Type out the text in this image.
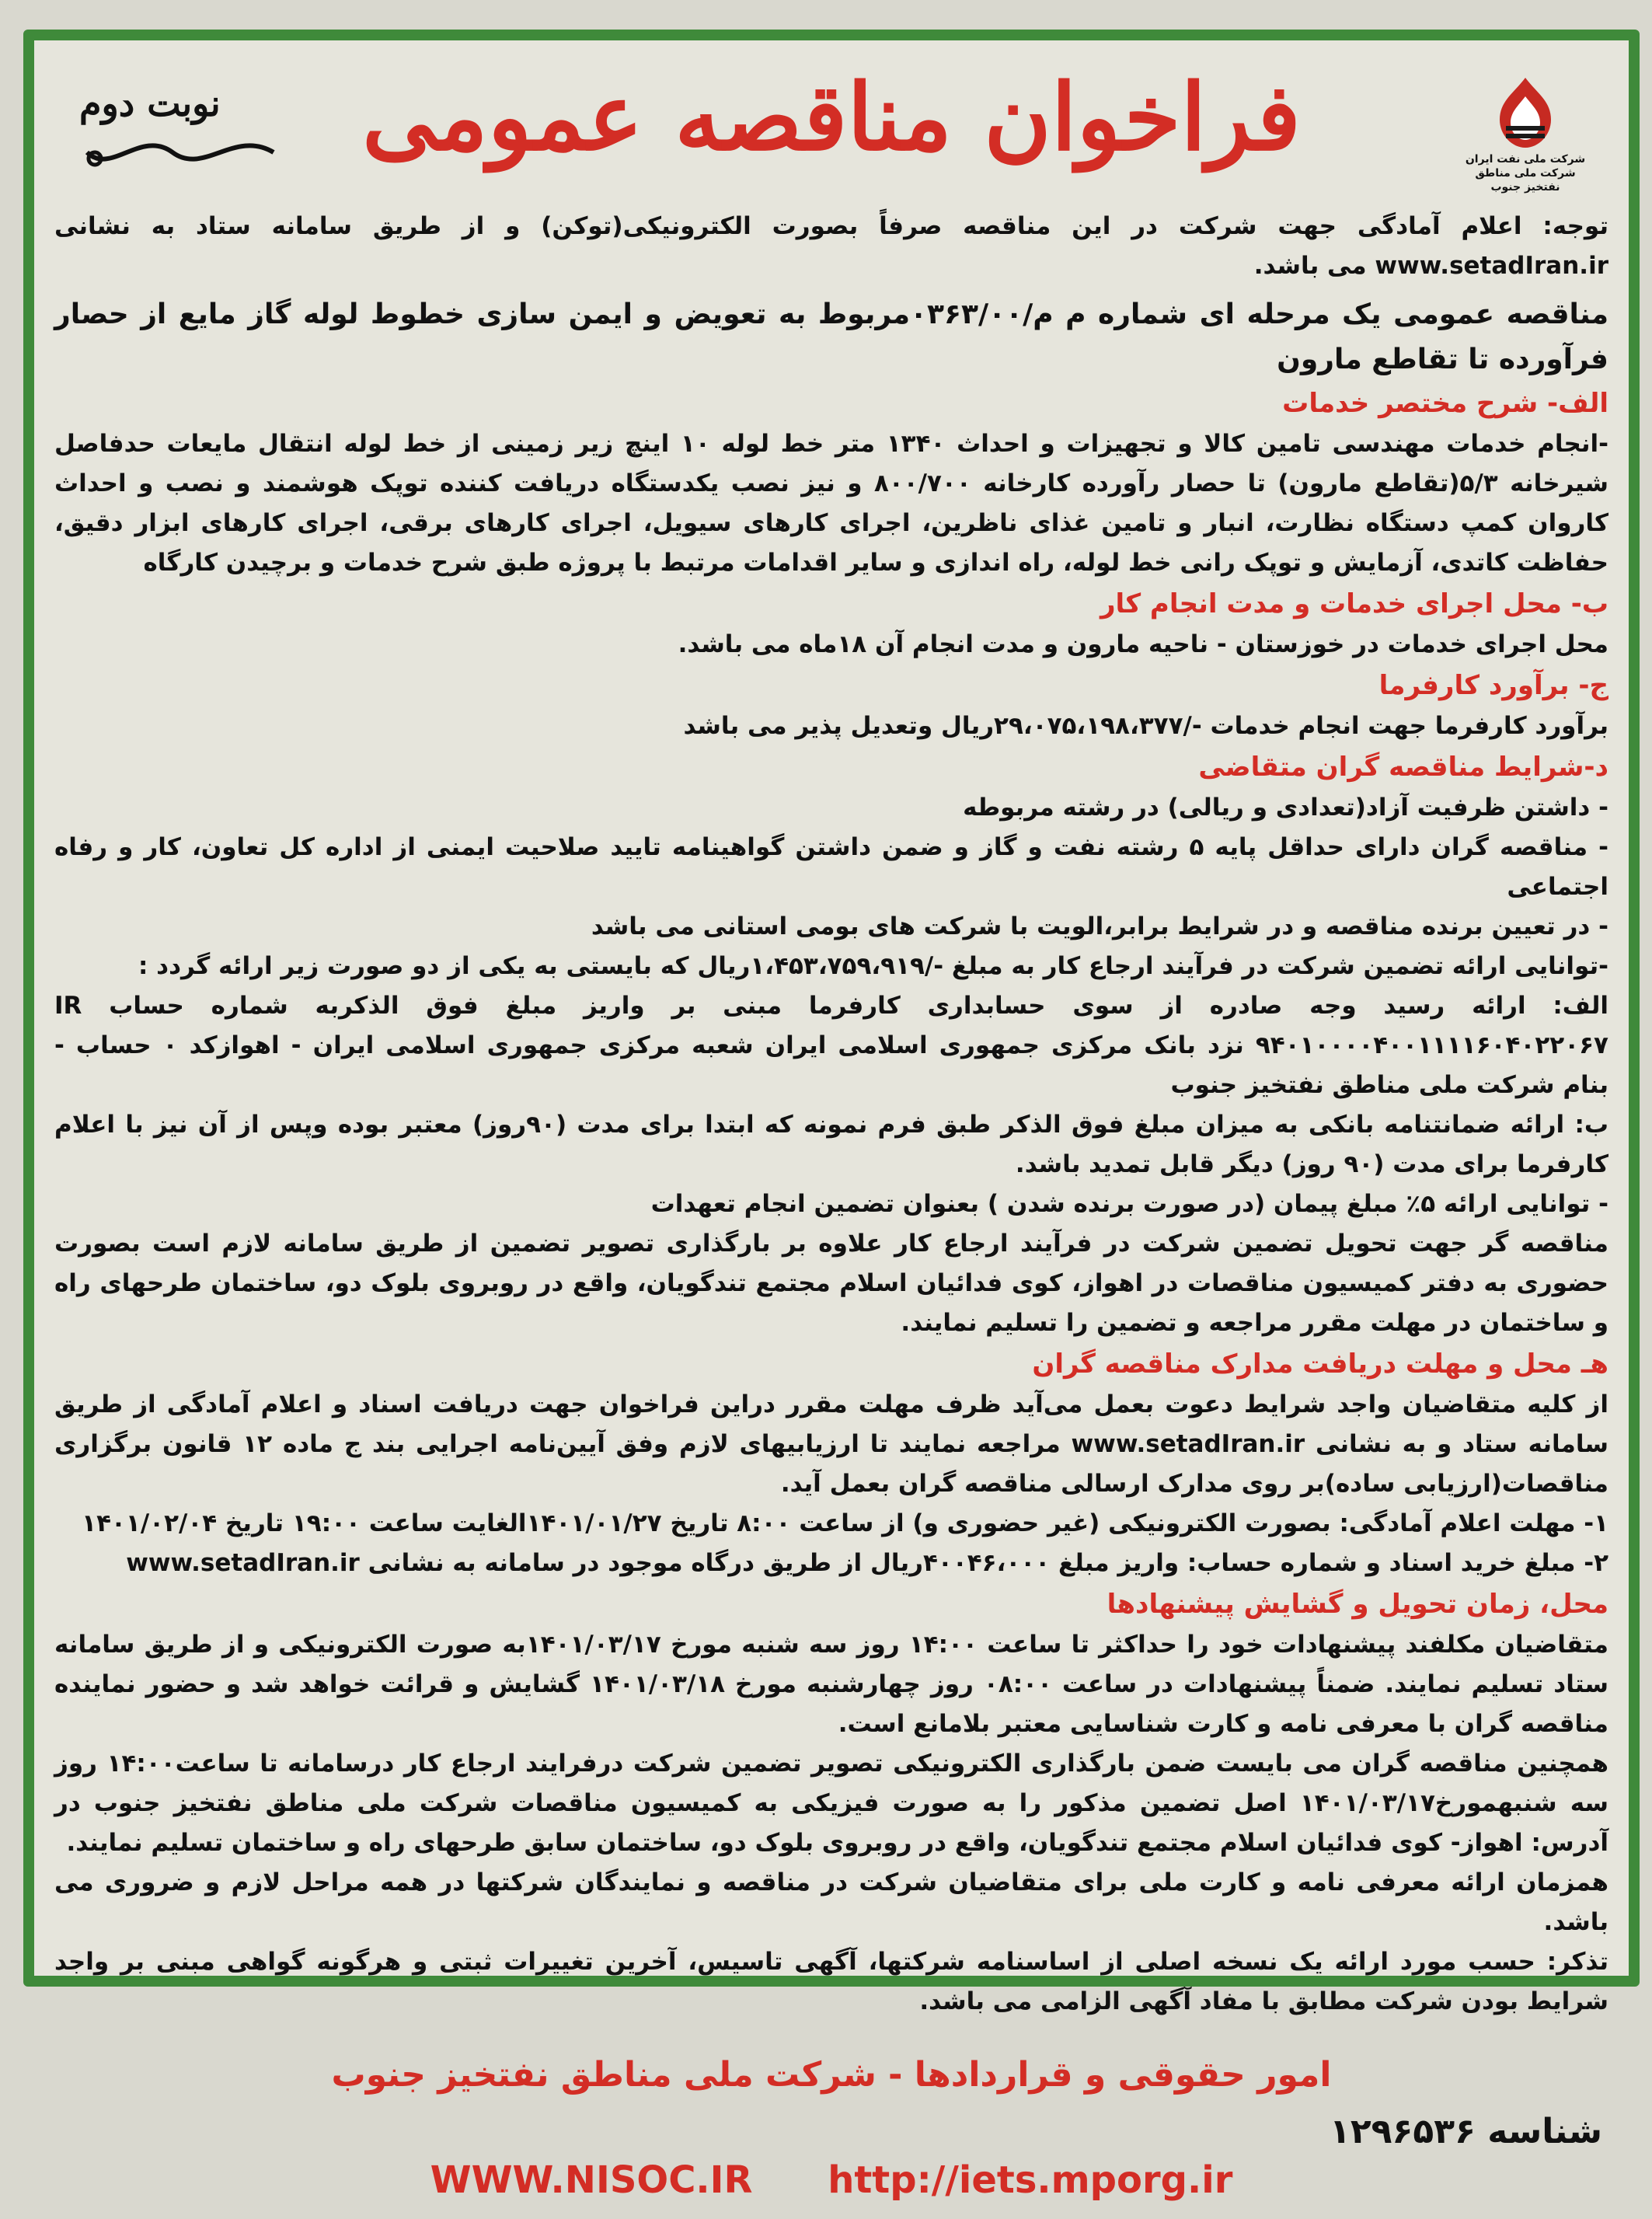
شرکت ملی نفت ایران
شرکت ملی مناطق نفتخیز جنوب
فراخوان مناقصه عمومی
نوبت دوم
توجه: اعلام آمادگی جهت شرکت در این مناقصه صرفاً بصورت الکترونیکی(توکن) و از طریق سامانه ستاد به نشانی www.setadIran.ir می باشد.
مناقصه عمومی یک مرحله ای شماره م م/۰۳۶۳/۰۰مربوط به تعویض و ایمن سازی خطوط لوله گاز مایع از حصار فرآورده تا تقاطع مارون
الف- شرح مختصر خدمات
-انجام خدمات مهندسی تامین کالا و تجهیزات و احداث ۱۳۴۰ متر خط لوله ۱۰ اینچ زیر زمینی از خط لوله انتقال مایعات حدفاصل شیرخانه ۵/۳(تقاطع مارون) تا حصار رآورده کارخانه ۸۰۰/۷۰۰ و نیز نصب یکدستگاه دریافت کننده توپک هوشمند و نصب و احداث کاروان کمپ دستگاه نظارت، انبار و تامین غذای ناظرین، اجرای کارهای سیویل، اجرای کارهای برقی، اجرای کارهای ابزار دقیق، حفاظت کاتدی، آزمایش و توپک رانی خط لوله، راه اندازی و سایر اقدامات مرتبط با پروژه طبق شرح خدمات و برچیدن کارگاه
ب- محل اجرای خدمات و مدت انجام کار
محل اجرای خدمات در خوزستان - ناحیه مارون و مدت انجام آن ۱۸ماه می باشد.
ج- برآورد کارفرما
برآورد کارفرما جهت انجام خدمات -/۲۹،۰۷۵،۱۹۸،۳۷۷ریال وتعدیل پذیر می باشد
د-شرایط مناقصه گران متقاضی
- داشتن ظرفیت آزاد(تعدادی و ریالی) در رشته مربوطه
- مناقصه گران دارای حداقل پایه ۵ رشته نفت و گاز و ضمن داشتن گواهینامه تایید صلاحیت ایمنی از اداره کل تعاون، کار و رفاه اجتماعی
- در تعیین برنده مناقصه و در شرایط برابر،الویت با شرکت های بومی استانی می باشد
-توانایی ارائه تضمین شرکت در فرآیند ارجاع کار به مبلغ -/۱،۴۵۳،۷۵۹،۹۱۹ریال که بایستی به یکی از دو صورت زیر ارائه گردد :
الف: ارائه رسید وجه صادره از سوی حسابداری کارفرما مبنی بر واریز مبلغ فوق الذکربه شماره حساب IR ۹۴۰۱۰۰۰۰۴۰۰۱۱۱۱۶۰۴۰۲۲۰۶۷ نزد بانک مرکزی جمهوری اسلامی ایران شعبه مرکزی جمهوری اسلامی ایران - اهوازکد ۰ حساب - بنام شرکت ملی مناطق نفتخیز جنوب
ب: ارائه ضمانتنامه بانکی به میزان مبلغ فوق الذکر طبق فرم نمونه که ابتدا برای مدت (۹۰روز) معتبر بوده وپس از آن نیز با اعلام کارفرما برای مدت (۹۰ روز) دیگر قابل تمدید باشد.
- توانایی ارائه ۵٪ مبلغ پیمان (در صورت برنده شدن ) بعنوان تضمین انجام تعهدات
مناقصه گر جهت تحویل تضمین شرکت در فرآیند ارجاع کار علاوه بر بارگذاری تصویر تضمین از طریق سامانه لازم است بصورت حضوری به دفتر کمیسیون مناقصات در اهواز، کوی فدائیان اسلام مجتمع تندگویان، واقع در روبروی بلوک دو، ساختمان طرحهای راه و ساختمان در مهلت مقرر مراجعه و تضمین را تسلیم نمایند.
هـ محل و مهلت دریافت مدارک مناقصه گران
از کلیه متقاضیان واجد شرایط دعوت بعمل می‌آید ظرف مهلت مقرر دراین فراخوان جهت دریافت اسناد و اعلام آمادگی از طریق سامانه ستاد و به نشانی www.setadIran.ir مراجعه نمایند تا ارزیابیهای لازم وفق آیین‌نامه اجرایی بند ج ماده ۱۲ قانون برگزاری مناقصات(ارزیابی ساده)بر روی مدارک ارسالی مناقصه گران بعمل آید.
۱- مهلت اعلام آمادگی: بصورت الکترونیکی (غیر حضوری و) از ساعت ۸:۰۰ تاریخ ۱۴۰۱/۰۱/۲۷الغایت ساعت ۱۹:۰۰ تاریخ ۱۴۰۱/۰۲/۰۴
۲- مبلغ خرید اسناد و شماره حساب: واریز مبلغ ۴۰۰۴۶،۰۰۰ریال از طریق درگاه موجود در سامانه به نشانی www.setadIran.ir
محل، زمان تحویل و گشایش پیشنهادها
متقاضیان مکلفند پیشنهادات خود را حداکثر تا ساعت ۱۴:۰۰ روز سه شنبه مورخ ۱۴۰۱/۰۳/۱۷به صورت الکترونیکی و از طریق سامانه ستاد تسلیم نمایند. ضمناً پیشنهادات در ساعت ۰۸:۰۰ روز چهارشنبه مورخ ۱۴۰۱/۰۳/۱۸ گشایش و قرائت خواهد شد و حضور نماینده مناقصه گران با معرفی نامه و کارت شناسایی معتبر بلامانع است.
همچنین مناقصه گران می بایست ضمن بارگذاری الکترونیکی تصویر تضمین شرکت درفرایند ارجاع کار درسامانه تا ساعت۱۴:۰۰ روز سه شنبهمورخ۱۴۰۱/۰۳/۱۷ اصل تضمین مذکور را به صورت فیزیکی به کمیسیون مناقصات شرکت ملی مناطق نفتخیز جنوب در آدرس: اهواز- کوی فدائیان اسلام مجتمع تندگویان، واقع در روبروی بلوک دو، ساختمان سابق طرحهای راه و ساختمان تسلیم نمایند.
همزمان ارائه معرفی نامه و کارت ملی برای متقاضیان شرکت در مناقصه و نمایندگان شرکتها در همه مراحل لازم و ضروری می باشد.
تذکر: حسب مورد ارائه یک نسخه اصلی از اساسنامه شرکتها، آگهی تاسیس، آخرین تغییرات ثبتی و هرگونه گواهی مبنی بر واجد شرایط بودن شرکت مطابق با مفاد آگهی الزامی می باشد.
امور حقوقی و قراردادها - شرکت ملی مناطق نفتخیز جنوب
شناسه ۱۲۹۶۵۳۶
WWW.NISOC.IR http://iets.mporg.ir
